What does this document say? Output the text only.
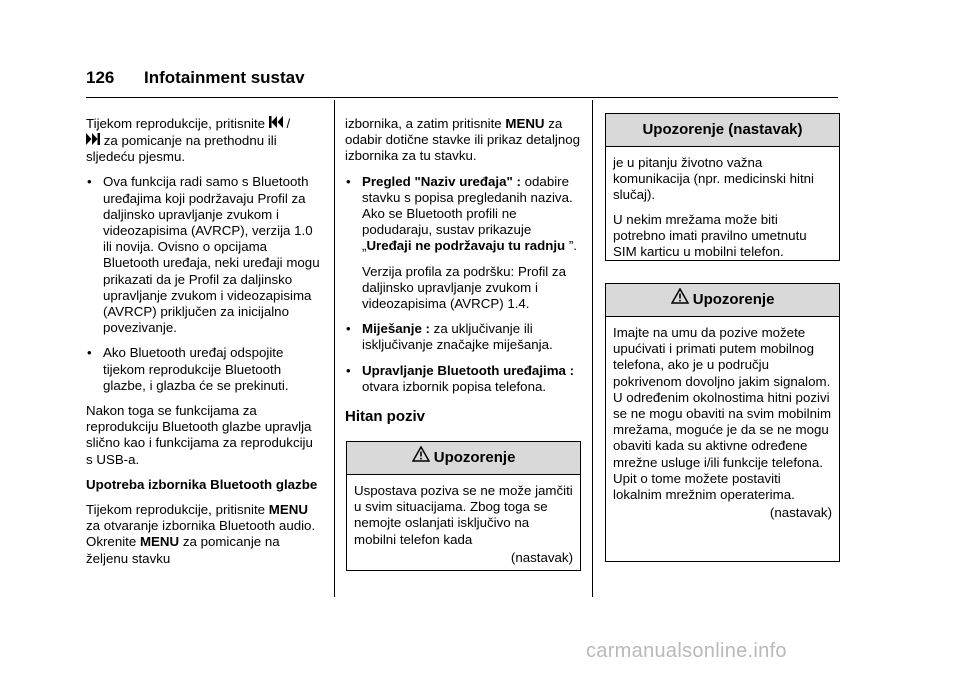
126 Infotainment sustav

Tijekom reprodukcije, pritisnite /
za pomicanje na prethodnu ili sljedeću pjesmu.

• Ova funkcija radi samo s Bluetooth uređajima koji podržavaju Profil za daljinsko upravljanje zvukom i videozapisima (AVRCP), verzija 1.0 ili novija. Ovisno o opcijama Bluetooth uređaja, neki uređaji mogu prikazati da je Profil za daljinsko upravljanje zvukom i videozapisima (AVRCP) priključen za inicijalno povezivanje.
• Ako Bluetooth uređaj odspojite tijekom reprodukcije Bluetooth glazbe, i glazba će se prekinuti.

Nakon toga se funkcijama za reprodukciju Bluetooth glazbe upravlja slično kao i funkcijama za reprodukciju s USB-a.

Upotreba izbornika Bluetooth glazbe

Tijekom reprodukcije, pritisnite MENU za otvaranje izbornika Bluetooth audio. Okrenite MENU za pomicanje na željenu stavku

izbornika, a zatim pritisnite MENU za odabir dotične stavke ili prikaz detaljnog izbornika za tu stavku.

• Pregled "Naziv uređaja" : odabire stavku s popisa pregledanih naziva. Ako se Bluetooth profili ne podudaraju, sustav prikazuje „Uređaji ne podržavaju tu radnju ”.
Verzija profila za podršku: Profil za daljinsko upravljanje zvukom i videozapisima (AVRCP) 1.4.
• Miješanje : za uključivanje ili isključivanje značajke miješanja.
• Upravljanje Bluetooth uređajima : otvara izbornik popisa telefona.
Hitan poziv
Upozorenje

Uspostava poziva se ne može jamčiti u svim situacijama. Zbog toga se nemojte oslanjati isključivo na mobilni telefon kada

(nastavak)
Upozorenje (nastavak)

je u pitanju životno važna komunikacija (npr. medicinski hitni slučaj).

U nekim mrežama može biti potrebno imati pravilno umetnutu SIM karticu u mobilni telefon.

Upozorenje

Imajte na umu da pozive možete upućivati i primati putem mobilnog telefona, ako je u području pokrivenom dovoljno jakim signalom. U određenim okolnostima hitni pozivi se ne mogu obaviti na svim mobilnim mrežama, moguće je da se ne mogu obaviti kada su aktivne određene mrežne usluge i/ili funkcije telefona. Upit o tome možete postaviti lokalnim mrežnim operaterima.

(nastavak)
carmanualsonline.info
